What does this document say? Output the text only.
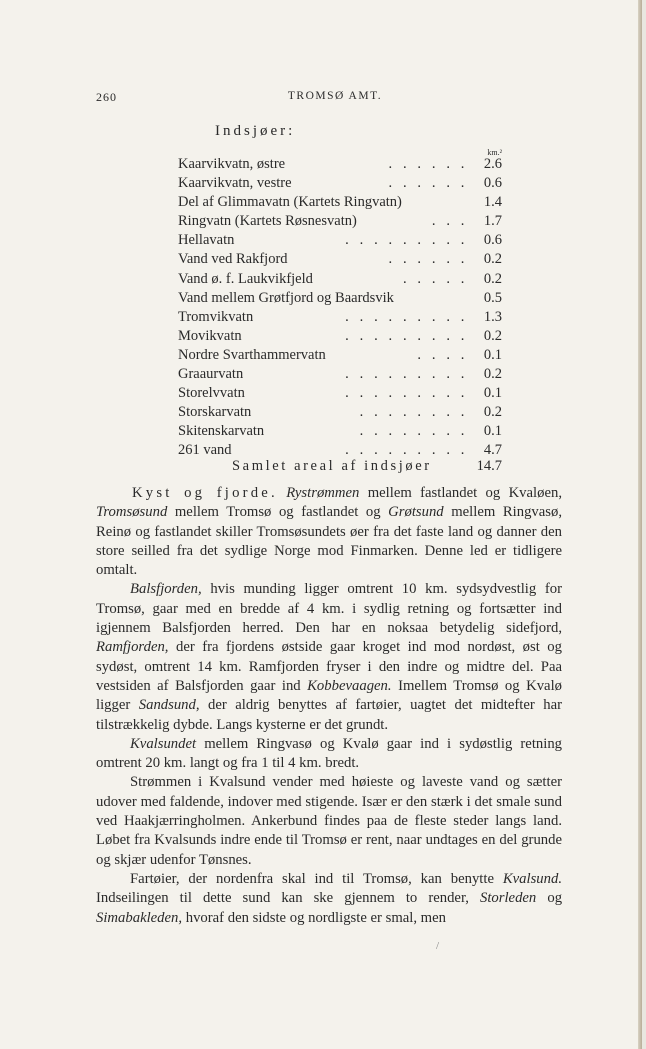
260	TROMSØ AMT.
Indsjøer:
km.²
Kaarvikvatn, østre	. . . . . .	2.6
Kaarvikvatn, vestre	. . . . . .	0.6
Del af Glimmavatn (Kartets Ringvatn)	1.4
Ringvatn (Kartets Røsnesvatn)	. . .	1.7
Hellavatn	. . . . . . . . .	0.6
Vand ved Rakfjord	. . . . . .	0.2
Vand ø. f. Laukvikfjeld	. . . . .	0.2
Vand mellem Grøtfjord og Baardsvik	0.5
Tromvikvatn	. . . . . . . . .	1.3
Movikvatn	. . . . . . . . .	0.2
Nordre Svarthammervatn	. . . .	0.1
Graaurvatn	. . . . . . . . .	0.2
Storelvvatn	. . . . . . . . .	0.1
Storskarvatn	. . . . . . . .	0.2
Skitenskarvatn	. . . . . . . .	0.1
261 vand	. . . . . . . . .	4.7
Samlet areal af indsjøer	14.7

Kyst og fjorde. Rystrømmen mellem fastlandet og Kvaløen, Tromsøsund mellem Tromsø og fastlandet og Grøtsund mellem Ringvasø, Reinø og fastlandet skiller Tromsøsundets øer fra det faste land og danner den store seilled fra det sydlige Norge mod Finmarken. Denne led er tidligere omtalt.

Balsfjorden, hvis munding ligger omtrent 10 km. sydsydvestlig for Tromsø, gaar med en bredde af 4 km. i sydlig retning og fortsætter ind igjennem Balsfjorden herred. Den har en noksaa betydelig sidefjord, Ramfjorden, der fra fjordens østside gaar kroget ind mod nordøst, øst og sydøst, omtrent 14 km. Ramfjorden fryser i den indre og midtre del. Paa vestsiden af Balsfjorden gaar ind Kobbevaagen. Imellem Tromsø og Kvalø ligger Sandsund, der aldrig benyttes af fartøier, uagtet det midtefter har tilstrækkelig dybde. Langs kysterne er det grundt.

Kvalsundet mellem Ringvasø og Kvalø gaar ind i sydøstlig retning omtrent 20 km. langt og fra 1 til 4 km. bredt.

Strømmen i Kvalsund vender med høieste og laveste vand og sætter udover med faldende, indover med stigende. Især er den stærk i det smale sund ved Haakjærringholmen. Ankerbund findes paa de fleste steder langs land. Løbet fra Kvalsunds indre ende til Tromsø er rent, naar undtages en del grunde og skjær udenfor Tønsnes.

Fartøier, der nordenfra skal ind til Tromsø, kan benytte Kvalsund. Indseilingen til dette sund kan ske gjennem to render, Storleden og Simabakleden, hvoraf den sidste og nordligste er smal, men

/
